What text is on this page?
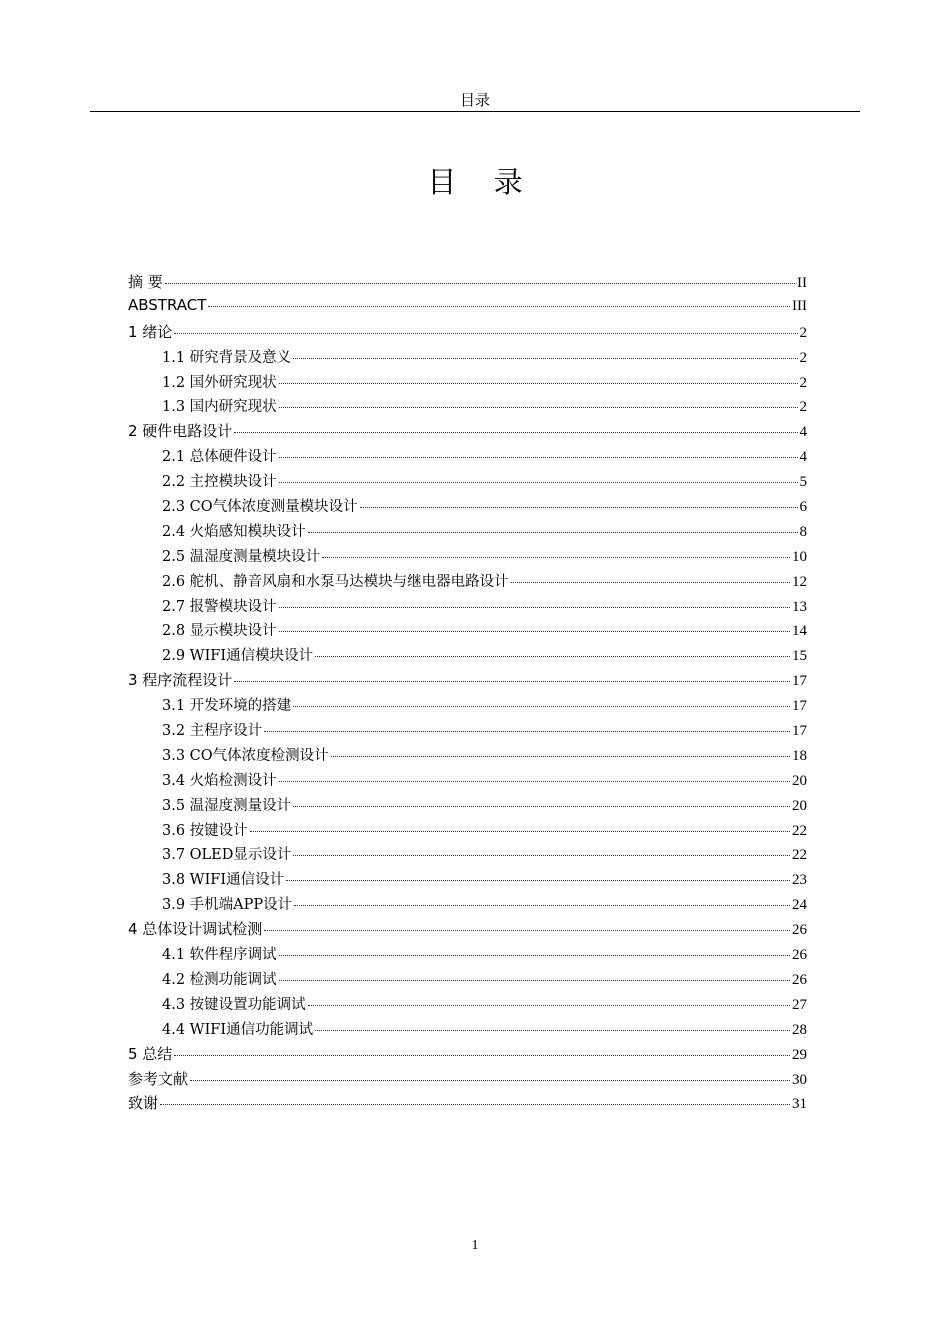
目录
目 录
摘 要	II
ABSTRACT	III
1 绪论	2
1.1 研究背景及意义	2
1.2 国外研究现状	2
1.3 国内研究现状	2
2 硬件电路设计	4
2.1 总体硬件设计	4
2.2 主控模块设计	5
2.3 CO气体浓度测量模块设计	6
2.4 火焰感知模块设计	8
2.5 温湿度测量模块设计	10
2.6 舵机、静音风扇和水泵马达模块与继电器电路设计	12
2.7 报警模块设计	13
2.8 显示模块设计	14
2.9 WIFI通信模块设计	15
3 程序流程设计	17
3.1 开发环境的搭建	17
3.2 主程序设计	17
3.3 CO气体浓度检测设计	18
3.4 火焰检测设计	20
3.5 温湿度测量设计	20
3.6 按键设计	22
3.7 OLED显示设计	22
3.8 WIFI通信设计	23
3.9 手机端APP设计	24
4 总体设计调试检测	26
4.1 软件程序调试	26
4.2 检测功能调试	26
4.3 按键设置功能调试	27
4.4 WIFI通信功能调试	28
5 总结	29
参考文献	30
致谢	31
1
